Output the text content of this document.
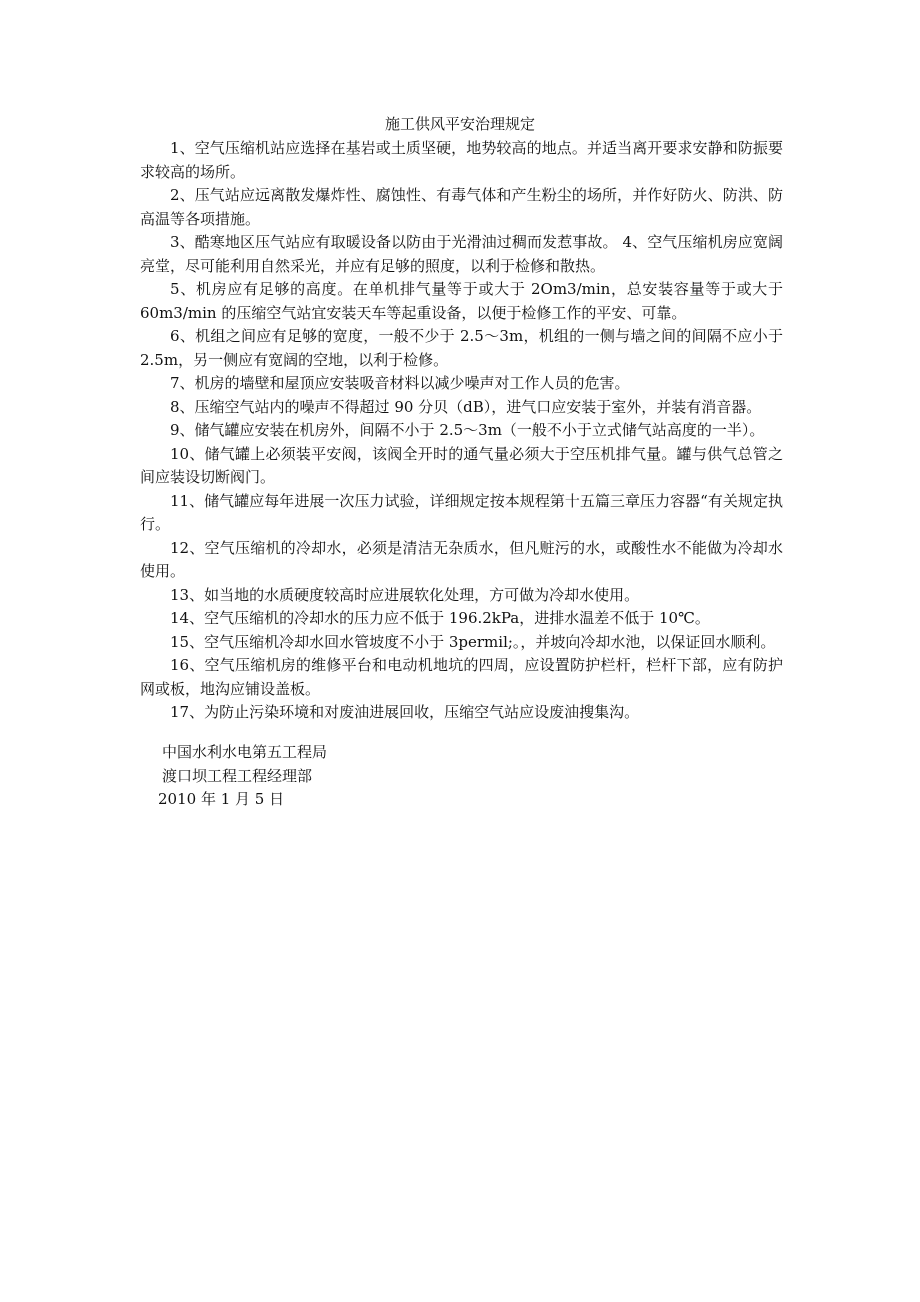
施工供风平安治理规定

1、空气压缩机站应选择在基岩或土质坚硬，地势较高的地点。并适当离开要求安静和防振要求较高的场所。

2、压气站应远离散发爆炸性、腐蚀性、有毒气体和产生粉尘的场所，并作好防火、防洪、防高温等各项措施。

3、酷寒地区压气站应有取暖设备以防由于光滑油过稠而发惹事故。 4、空气压缩机房应宽阔亮堂，尽可能利用自然采光，并应有足够的照度，以利于检修和散热。

5、机房应有足够的高度。在单机排气量等于或大于 2Om3/min，总安装容量等于或大于60m3/min 的压缩空气站宜安装天车等起重设备，以便于检修工作的平安、可靠。

6、机组之间应有足够的宽度，一般不少于 2.5～3m，机组的一侧与墙之间的间隔不应小于 2.5m，另一侧应有宽阔的空地，以利于检修。

7、机房的墙壁和屋顶应安装吸音材料以减少噪声对工作人员的危害。

8、压缩空气站内的噪声不得超过 90 分贝（dB），进气口应安装于室外，并装有消音器。

9、储气罐应安装在机房外，间隔不小于 2.5～3m（一般不小于立式储气站高度的一半）。

10、储气罐上必须装平安阀，该阀全开时的通气量必须大于空压机排气量。罐与供气总管之间应装设切断阀门。

11、储气罐应每年进展一次压力试验，详细规定按本规程第十五篇三章压力容器“有关规定执行。

12、空气压缩机的冷却水，必须是清洁无杂质水，但凡赃污的水，或酸性水不能做为冷却水使用。

13、如当地的水质硬度较高时应进展软化处理，方可做为冷却水使用。

14、空气压缩机的冷却水的压力应不低于 196.2kPa，进排水温差不低于 10℃。

15、空气压缩机冷却水回水管坡度不小于 3permil;。，并坡向冷却水池，以保证回水顺利。

16、空气压缩机房的维修平台和电动机地坑的四周，应设置防护栏杆，栏杆下部，应有防护网或板，地沟应铺设盖板。

17、为防止污染环境和对废油进展回收，压缩空气站应设废油搜集沟。

中国水利水电第五工程局

渡口坝工程工程经理部

2010 年 1 月 5 日
